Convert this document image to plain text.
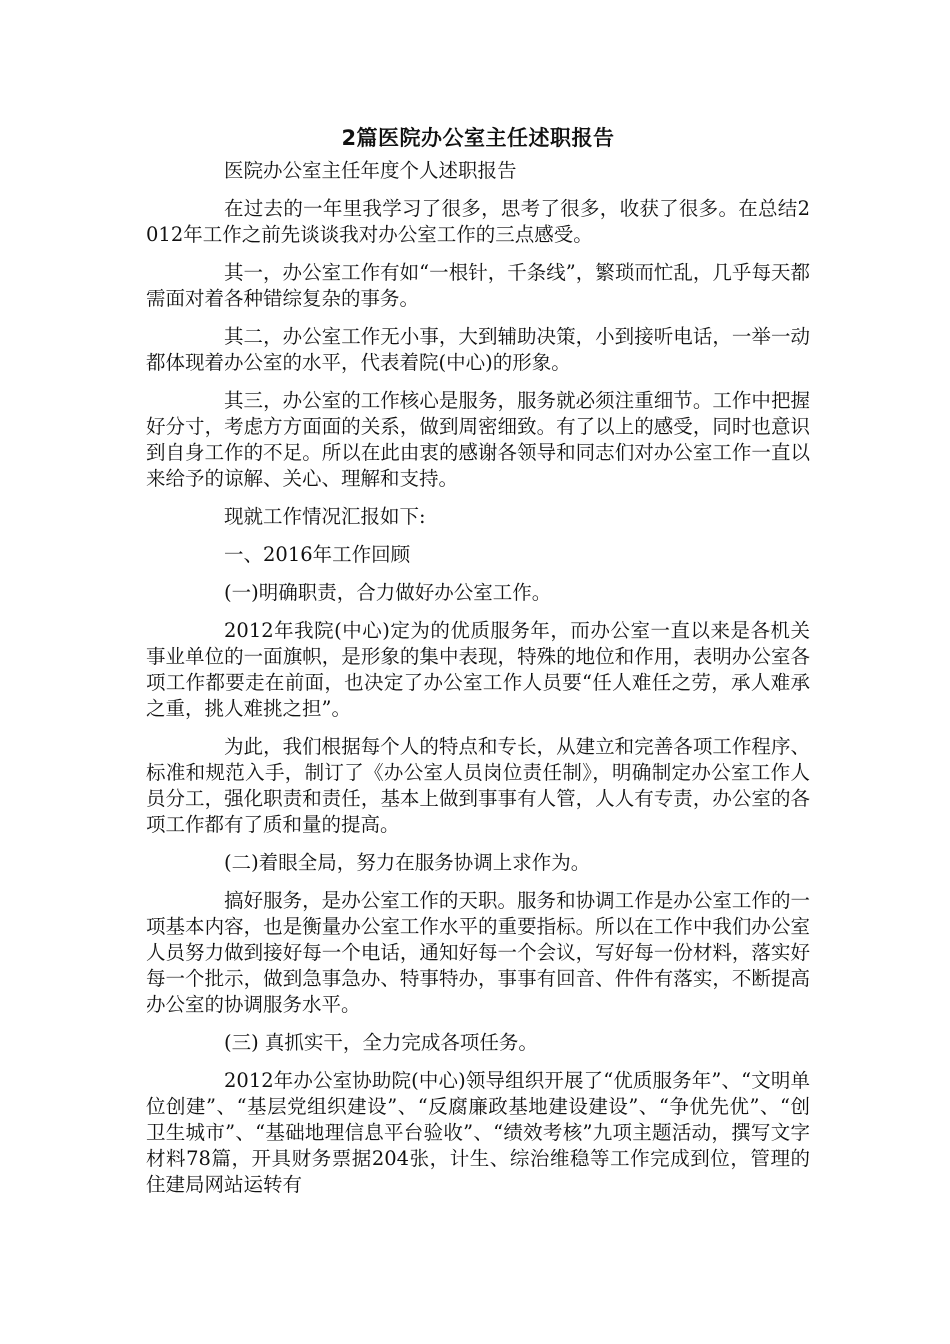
2篇医院办公室主任述职报告

医院办公室主任年度个人述职报告

在过去的一年里我学习了很多，思考了很多，收获了很多。在总结2012年工作之前先谈谈我对办公室工作的三点感受。

其一，办公室工作有如“一根针，千条线”，繁琐而忙乱，几乎每天都需面对着各种错综复杂的事务。

其二，办公室工作无小事，大到辅助决策，小到接听电话，一举一动都体现着办公室的水平，代表着院(中心)的形象。

其三，办公室的工作核心是服务，服务就必须注重细节。工作中把握好分寸，考虑方方面面的关系，做到周密细致。有了以上的感受，同时也意识到自身工作的不足。所以在此由衷的感谢各领导和同志们对办公室工作一直以来给予的谅解、关心、理解和支持。

现就工作情况汇报如下:

一、2016年工作回顾

(一)明确职责，合力做好办公室工作。

2012年我院(中心)定为的优质服务年，而办公室一直以来是各机关事业单位的一面旗帜，是形象的集中表现，特殊的地位和作用，表明办公室各项工作都要走在前面，也决定了办公室工作人员要“任人难任之劳，承人难承之重，挑人难挑之担”。

为此，我们根据每个人的特点和专长，从建立和完善各项工作程序、标准和规范入手，制订了《办公室人员岗位责任制》，明确制定办公室工作人员分工，强化职责和责任，基本上做到事事有人管，人人有专责，办公室的各项工作都有了质和量的提高。

(二)着眼全局，努力在服务协调上求作为。

搞好服务，是办公室工作的天职。服务和协调工作是办公室工作的一项基本内容，也是衡量办公室工作水平的重要指标。所以在工作中我们办公室人员努力做到接好每一个电话，通知好每一个会议，写好每一份材料，落实好每一个批示，做到急事急办、特事特办，事事有回音、件件有落实，不断提高办公室的协调服务水平。

(三) 真抓实干，全力完成各项任务。

2012年办公室协助院(中心)领导组织开展了“优质服务年”、“文明单位创建”、“基层党组织建设”、“反腐廉政基地建设建设”、“争优先优”、“创卫生城市”、“基础地理信息平台验收”、“绩效考核”九项主题活动，撰写文字材料78篇，开具财务票据204张，计生、综治维稳等工作完成到位，管理的住建局网站运转有
